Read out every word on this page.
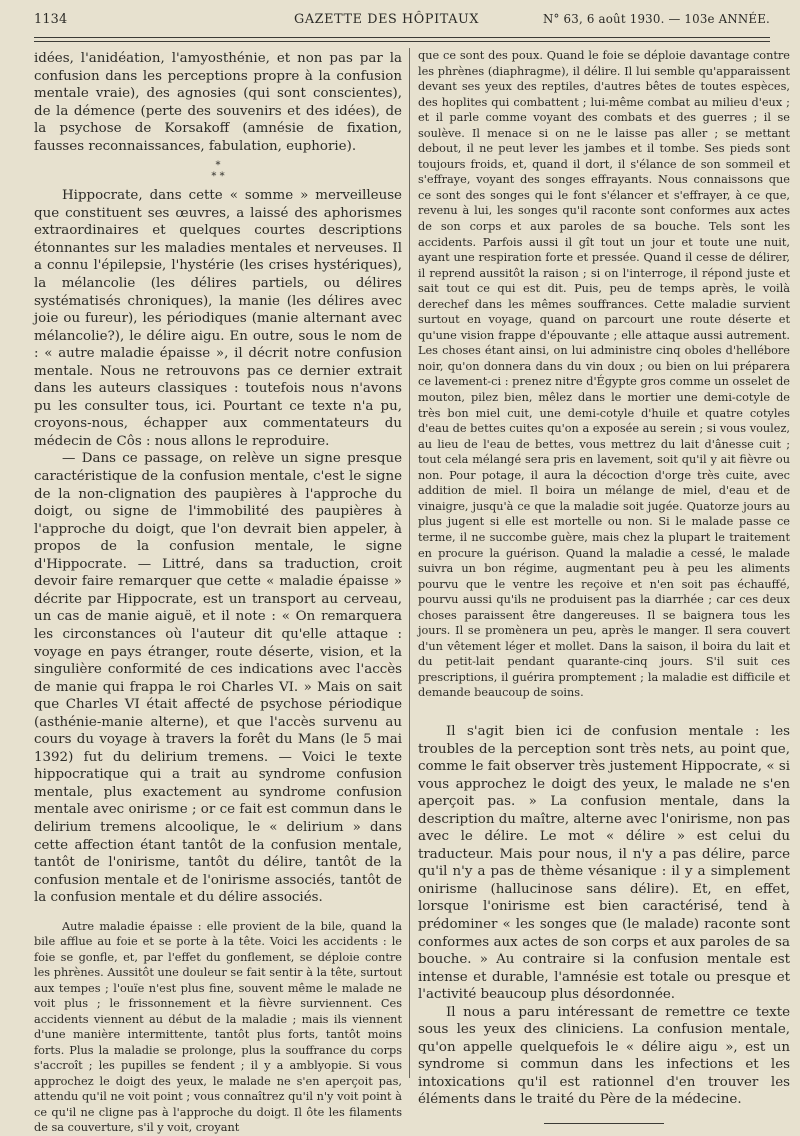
1134	GAZETTE DES HÔPITAUX	N° 63, 6 août 1930. — 103e ANNÉE.

idées, l'anidéation, l'amyosthénie, et non pas par la confusion dans les perceptions propre à la confusion mentale vraie), des agnosies (qui sont conscientes), de la démence (perte des souvenirs et des idées), de la psychose de Korsakoff (amnésie de fixation, fausses reconnaissances, fabulation, euphorie).

*
* *

Hippocrate, dans cette « somme » merveilleuse que constituent ses œuvres, a laissé des aphorismes extraordinaires et quelques courtes descriptions étonnantes sur les maladies mentales et nerveuses. Il a connu l'épilepsie, l'hystérie (les crises hystériques), la mélancolie (les délires partiels, ou délires systématisés chroniques), la manie (les délires avec joie ou fureur), les périodiques (manie alternant avec mélancolie?), le délire aigu. En outre, sous le nom de : « autre maladie épaisse », il décrit notre confusion mentale. Nous ne retrouvons pas ce dernier extrait dans les auteurs classiques : toutefois nous n'avons pu les consulter tous, ici. Pourtant ce texte n'a pu, croyons-nous, échapper aux commentateurs du médecin de Côs : nous allons le reproduire.

— Dans ce passage, on relève un signe presque caractéristique de la confusion mentale, c'est le signe de la non-clignation des paupières à l'approche du doigt, ou signe de l'immobilité des paupières à l'approche du doigt, que l'on devrait bien appeler, à propos de la confusion mentale, le signe d'Hippocrate. — Littré, dans sa traduction, croit devoir faire remarquer que cette « maladie épaisse » décrite par Hippocrate, est un transport au cerveau, un cas de manie aiguë, et il note : « On remarquera les circonstances où l'auteur dit qu'elle attaque : voyage en pays étranger, route déserte, vision, et la singulière conformité de ces indications avec l'accès de manie qui frappa le roi Charles VI. » Mais on sait que Charles VI était affecté de psychose périodique (asthénie-manie alterne), et que l'accès survenu au cours du voyage à travers la forêt du Mans (le 5 mai 1392) fut du delirium tremens. — Voici le texte hippocratique qui a trait au syndrome confusion mentale, plus exactement au syndrome confusion mentale avec onirisme ; or ce fait est commun dans le delirium tremens alcoolique, le « delirium » dans cette affection étant tantôt de la confusion mentale, tantôt de l'onirisme, tantôt du délire, tantôt de la confusion mentale et de l'onirisme associés, tantôt de la confusion mentale et du délire associés.

Autre maladie épaisse : elle provient de la bile, quand la bile afflue au foie et se porte à la tête. Voici les accidents : le foie se gonfle, et, par l'effet du gonflement, se déploie contre les phrènes. Aussitôt une douleur se fait sentir à la tête, surtout aux tempes ; l'ouïe n'est plus fine, souvent même le malade ne voit plus ; le frissonnement et la fièvre surviennent. Ces accidents viennent au début de la maladie ; mais ils viennent d'une manière intermittente, tantôt plus forts, tantôt moins forts. Plus la maladie se prolonge, plus la souffrance du corps s'accroît ; les pupilles se fendent ; il y a amblyopie. Si vous approchez le doigt des yeux, le malade ne s'en aperçoit pas, attendu qu'il ne voit point ; vous connaîtrez qu'il n'y voit point à ce qu'il ne cligne pas à l'approche du doigt. Il ôte les filaments de sa couverture, s'il y voit, croyant

que ce sont des poux. Quand le foie se déploie davantage contre les phrènes (diaphragme), il délire. Il lui semble qu'apparaissent devant ses yeux des reptiles, d'autres bêtes de toutes espèces, des hoplites qui combattent ; lui-même combat au milieu d'eux ; et il parle comme voyant des combats et des guerres ; il se soulève. Il menace si on ne le laisse pas aller ; se mettant debout, il ne peut lever les jambes et il tombe. Ses pieds sont toujours froids, et, quand il dort, il s'élance de son sommeil et s'effraye, voyant des songes effrayants. Nous connaissons que ce sont des songes qui le font s'élancer et s'effrayer, à ce que, revenu à lui, les songes qu'il raconte sont conformes aux actes de son corps et aux paroles de sa bouche. Tels sont les accidents. Parfois aussi il gît tout un jour et toute une nuit, ayant une respiration forte et pressée. Quand il cesse de délirer, il reprend aussitôt la raison ; si on l'interroge, il répond juste et sait tout ce qui est dit. Puis, peu de temps après, le voilà derechef dans les mêmes souffrances. Cette maladie survient surtout en voyage, quand on parcourt une route déserte et qu'une vision frappe d'épouvante ; elle attaque aussi autrement. Les choses étant ainsi, on lui administre cinq oboles d'hellébore noir, qu'on donnera dans du vin doux ; ou bien on lui préparera ce lavement-ci : prenez nitre d'Égypte gros comme un osselet de mouton, pilez bien, mêlez dans le mortier une demi-cotyle de très bon miel cuit, une demi-cotyle d'huile et quatre cotyles d'eau de bettes cuites qu'on a exposée au serein ; si vous voulez, au lieu de l'eau de bettes, vous mettrez du lait d'ânesse cuit ; tout cela mélangé sera pris en lavement, soit qu'il y ait fièvre ou non. Pour potage, il aura la décoction d'orge très cuite, avec addition de miel. Il boira un mélange de miel, d'eau et de vinaigre, jusqu'à ce que la maladie soit jugée. Quatorze jours au plus jugent si elle est mortelle ou non. Si le malade passe ce terme, il ne succombe guère, mais chez la plupart le traitement en procure la guérison. Quand la maladie a cessé, le malade suivra un bon régime, augmentant peu à peu les aliments pourvu que le ventre les reçoive et n'en soit pas échauffé, pourvu aussi qu'ils ne produisent pas la diarrhée ; car ces deux choses paraissent être dangereuses. Il se baignera tous les jours. Il se promènera un peu, après le manger. Il sera couvert d'un vêtement léger et mollet. Dans la saison, il boira du lait et du petit-lait pendant quarante-cinq jours. S'il suit ces prescriptions, il guérira promptement ; la maladie est difficile et demande beaucoup de soins.

Il s'agit bien ici de confusion mentale : les troubles de la perception sont très nets, au point que, comme le fait observer très justement Hippocrate, « si vous approchez le doigt des yeux, le malade ne s'en aperçoit pas. » La confusion mentale, dans la description du maître, alterne avec l'onirisme, non pas avec le délire. Le mot « délire » est celui du traducteur. Mais pour nous, il n'y a pas délire, parce qu'il n'y a pas de thème vésanique : il y a simplement onirisme (hallucinose sans délire). Et, en effet, lorsque l'onirisme est bien caractérisé, tend à prédominer « les songes que (le malade) raconte sont conformes aux actes de son corps et aux paroles de sa bouche. » Au contraire si la confusion mentale est intense et durable, l'amnésie est totale ou presque et l'activité beaucoup plus désordonnée.

Il nous a paru intéressant de remettre ce texte sous les yeux des cliniciens. La confusion mentale, qu'on appelle quelquefois le « délire aigu », est un syndrome si commun dans les infections et les intoxications qu'il est rationnel d'en trouver les éléments dans le traité du Père de la médecine.
